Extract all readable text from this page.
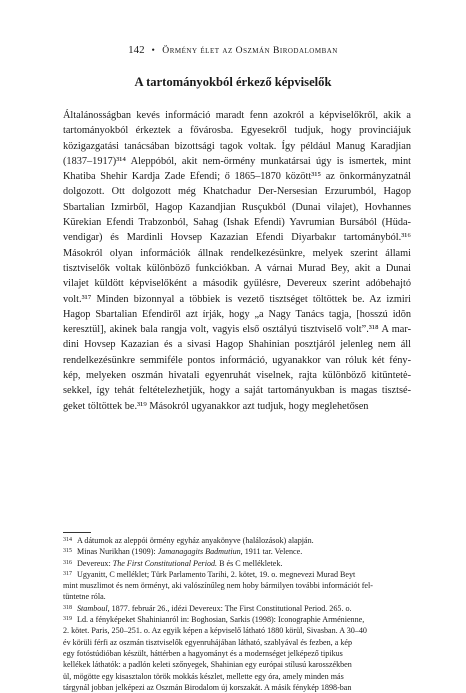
142 • Örmény élet az Oszmán Birodalomban
A tartományokból érkező képviselők
Általánosságban kevés információ maradt fenn azokról a képviselőkről, akik a
tartományokból érkeztek a fővárosba. Egyesekről tudjuk, hogy provinciájuk
közigazgatási tanácsában bizottsági tagok voltak. Így például Manug Karadjian
(1837–1917)³¹⁴ Aleppóból, akit nem-örmény munkatársai úgy is ismertek, mint
Khatiba Shehir Kardja Zade Efendi; ő 1865–1870 között³¹⁵ az önkormányzatnál
dolgozott. Ott dolgozott még Khatchadur Der-Nersesian Erzurumból, Hagop
Sbartalian Izmirből, Hagop Kazandjian Rusçukból (Dunai vilajet), Hovhannes
Kürekian Efendi Trabzonból, Sahag (Ishak Efendi) Yavrumian Bursából (Hüda-
vendigar) és Mardinli Hovsep Kazazian Efendi Diyarbakır tartományból.³¹⁶
Másokról olyan információk állnak rendelkezésünkre, melyek szerint állami
tisztviselők voltak különböző funkciókban. A várnai Murad Bey, akit a Dunai
vilajet küldött képviselőként a második gyűlésre, Devereux szerint adóbehajtó
volt.³¹⁷ Minden bizonnyal a többiek is vezető tisztséget töltöttek be. Az izmiri
Hagop Sbartalian Efendiről azt írják, hogy „a Nagy Tanács tagja, [hosszú idõn
keresztül], akinek bala rangja volt, vagyis első osztályú tisztviselő volt”.³¹⁸ A mar-
dini Hovsep Kazazian és a sivasi Hagop Shahinian posztjáról jelenleg nem áll
rendelkezésünkre semmiféle pontos információ, ugyanakkor van róluk két fény-
kép, melyeken oszmán hivatali egyenruhát viselnek, rajta különböző kitüntetė-
sekkel, így tehát feltételezhetjük, hogy a saját tartományukban is magas tisztsé-
geket töltöttek be.³¹⁹ Másokról ugyanakkor azt tudjuk, hogy meglehetősen
314 A dátumok az aleppói örmény egyház anyakönyve (halálozások) alapján.
315 Minas Nurikhan (1909): Jamanagagits Badmutiun, 1911 tar. Velence.
316 Devereux: The First Constitutional Period. B és C mellékletek.
317 Ugyanitt, C melléklet; Türk Parlamento Tarihi, 2. kötet, 19. o. megnevezi Murad Beyt
mint muszlimot és nem örményt, aki valószínűleg nem hoby bármilyen további információt fel-
tüntetne róla.
318 Stamboul, 1877. február 26., idézi Devereux: The First Constitutional Period. 265. o.
319 Ld. a fényképeket Shahinianról in: Boghosian, Sarkis (1998): Iconographie Arménienne,
2. kötet. Paris, 250–251. o. Az egyik képen a képviselő látható 1880 körül, Sivasban. A 30–40
év körüli férfi az oszmán tisztviselők egyenruhájában látható, szablyával és fezben, a kép
egy fotóstúdióban készült, háttérben a hagyományt és a modernséget jelképező tipikus
kellékek láthatók: a padlón keleti szőnyegek, Shahinian egy európai stílusú karosszékben
ül, mögötte egy kisasztalon török mokkás készlet, mellette egy óra, amely minden más
tárgynál jobban jelképezi az Oszmán Birodalom új korszakát. A másik fénykép 1898-ban
